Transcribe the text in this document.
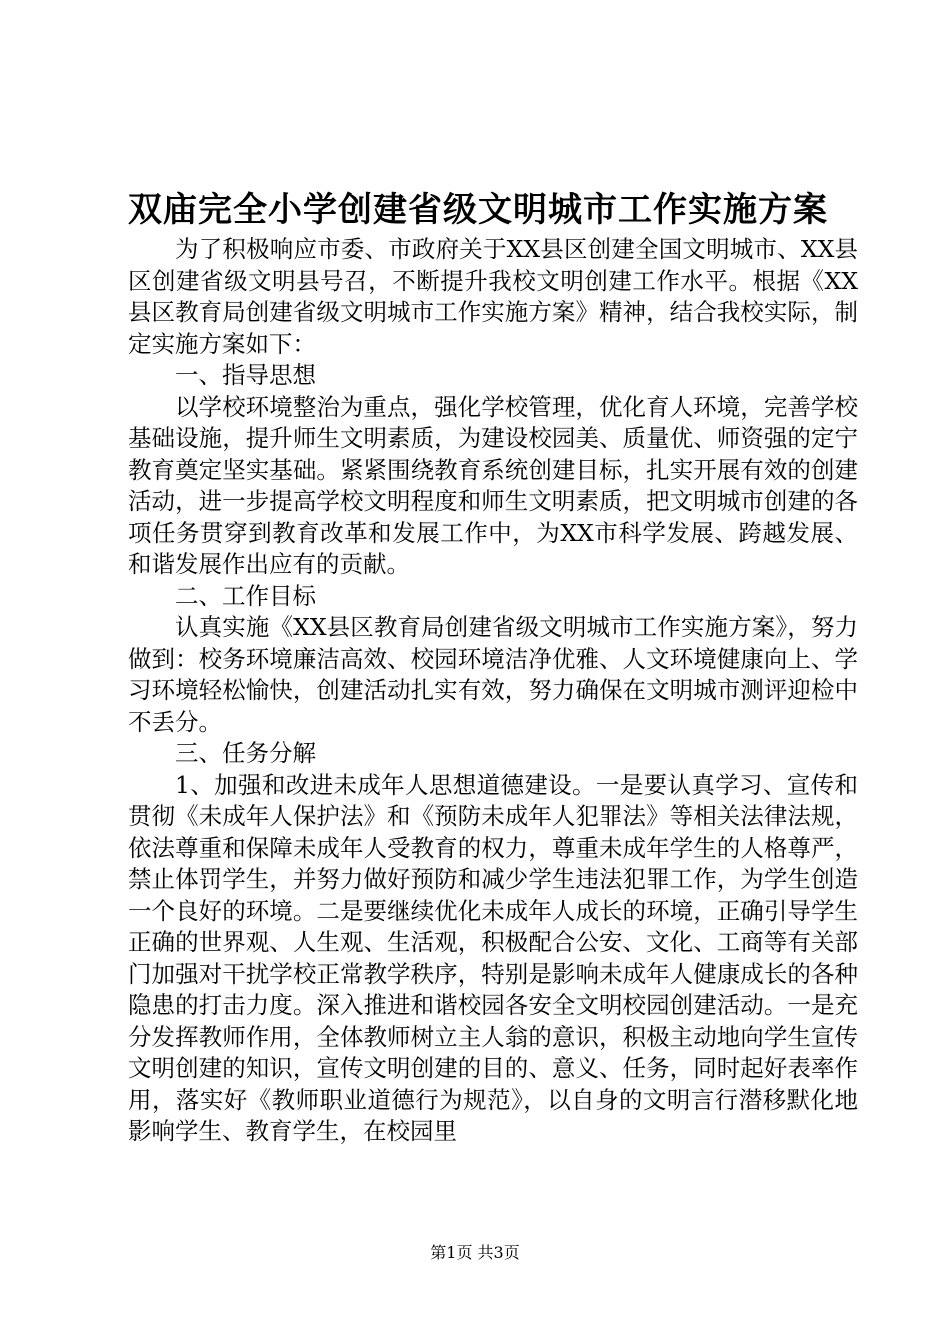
双庙完全小学创建省级文明城市工作实施方案

为了积极响应市委、市政府关于XX县区创建全国文明城市、XX县区创建省级文明县号召，不断提升我校文明创建工作水平。根据《XX县区教育局创建省级文明城市工作实施方案》精神，结合我校实际，制定实施方案如下：

一、指导思想

以学校环境整治为重点，强化学校管理，优化育人环境，完善学校基础设施，提升师生文明素质，为建设校园美、质量优、师资强的定宁教育奠定坚实基础。紧紧围绕教育系统创建目标，扎实开展有效的创建活动，进一步提高学校文明程度和师生文明素质，把文明城市创建的各项任务贯穿到教育改革和发展工作中，为XX市科学发展、跨越发展、和谐发展作出应有的贡献。

二、工作目标

认真实施《XX县区教育局创建省级文明城市工作实施方案》，努力做到：校务环境廉洁高效、校园环境洁净优雅、人文环境健康向上、学习环境轻松愉快，创建活动扎实有效，努力确保在文明城市测评迎检中不丢分。

三、任务分解

1、加强和改进未成年人思想道德建设。一是要认真学习、宣传和贯彻《未成年人保护法》和《预防未成年人犯罪法》等相关法律法规，依法尊重和保障未成年人受教育的权力，尊重未成年学生的人格尊严，禁止体罚学生，并努力做好预防和减少学生违法犯罪工作，为学生创造一个良好的环境。二是要继续优化未成年人成长的环境，正确引导学生正确的世界观、人生观、生活观，积极配合公安、文化、工商等有关部门加强对干扰学校正常教学秩序，特别是影响未成年人健康成长的各种隐患的打击力度。深入推进和谐校园各安全文明校园创建活动。一是充分发挥教师作用，全体教师树立主人翁的意识，积极主动地向学生宣传文明创建的知识，宣传文明创建的目的、意义、任务，同时起好表率作用，落实好《教师职业道德行为规范》，以自身的文明言行潜移默化地影响学生、教育学生，在校园里

第1页 共3页
